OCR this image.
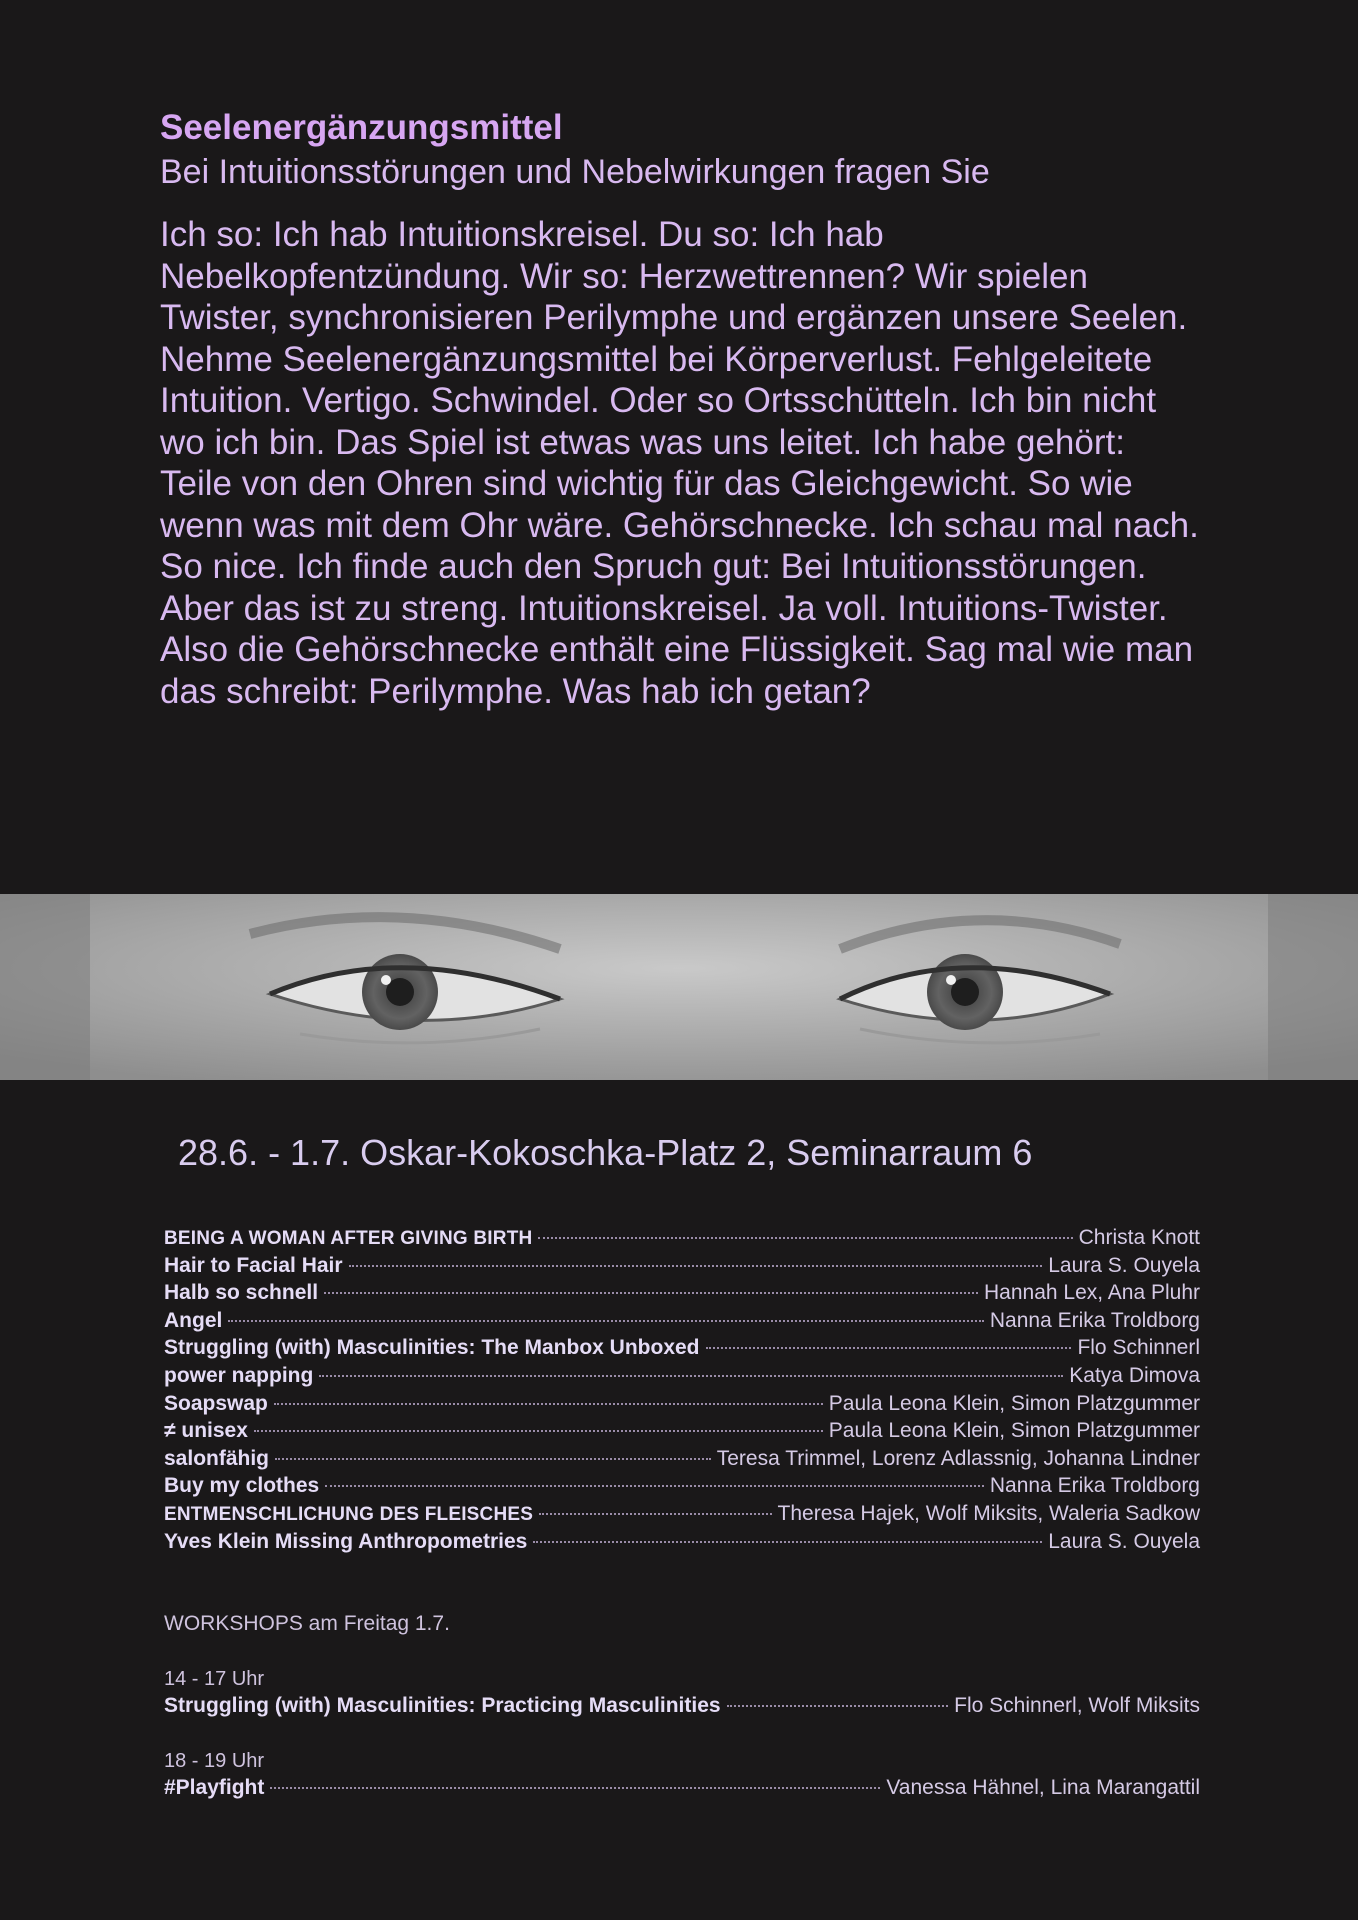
Seelenergänzungsmittel

Bei Intuitionsstörungen und Nebelwirkungen fragen Sie

Ich so: Ich hab Intuitionskreisel. Du so: Ich hab Nebelkopfentzündung. Wir so: Herzwettrennen? Wir spielen Twister, synchronisieren Perilymphe und ergänzen unsere Seelen. Nehme Seelenergänzungsmittel bei Körperverlust. Fehlgeleitete Intuition. Vertigo. Schwindel. Oder so Ortsschütteln. Ich bin nicht wo ich bin. Das Spiel ist etwas was uns leitet. Ich habe gehört: Teile von den Ohren sind wichtig für das Gleichgewicht. So wie wenn was mit dem Ohr wäre. Gehörschnecke. Ich schau mal nach. So nice. Ich finde auch den Spruch gut: Bei Intuitionsstörungen. Aber das ist zu streng. Intuitionskreisel. Ja voll. Intuitions-Twister. Also die Gehörschnecke enthält eine Flüssigkeit. Sag mal wie man das schreibt: Perilymphe. Was hab ich getan?
28.6. - 1.7. Oskar-Kokoschka-Platz 2, Seminarraum 6
BEING A WOMAN AFTER GIVING BIRTH	Christa Knott
Hair to Facial Hair	Laura S. Ouyela
Halb so schnell	Hannah Lex, Ana Pluhr
Angel	Nanna Erika Troldborg
Struggling (with) Masculinities: The Manbox Unboxed	Flo Schinnerl
power napping	Katya Dimova
Soapswap	Paula Leona Klein, Simon Platzgummer
≠ unisex	Paula Leona Klein, Simon Platzgummer
salonfähig	Teresa Trimmel, Lorenz Adlassnig, Johanna Lindner
Buy my clothes	Nanna Erika Troldborg
ENTMENSCHLICHUNG DES FLEISCHES	Theresa Hajek, Wolf Miksits, Waleria Sadkow
Yves Klein Missing Anthropometries	Laura S. Ouyela
WORKSHOPS am Freitag 1.7.
14 - 17 Uhr
Struggling (with) Masculinities: Practicing Masculinities	Flo Schinnerl, Wolf Miksits
18 - 19 Uhr
#Playfight	Vanessa Hähnel, Lina Marangattil
